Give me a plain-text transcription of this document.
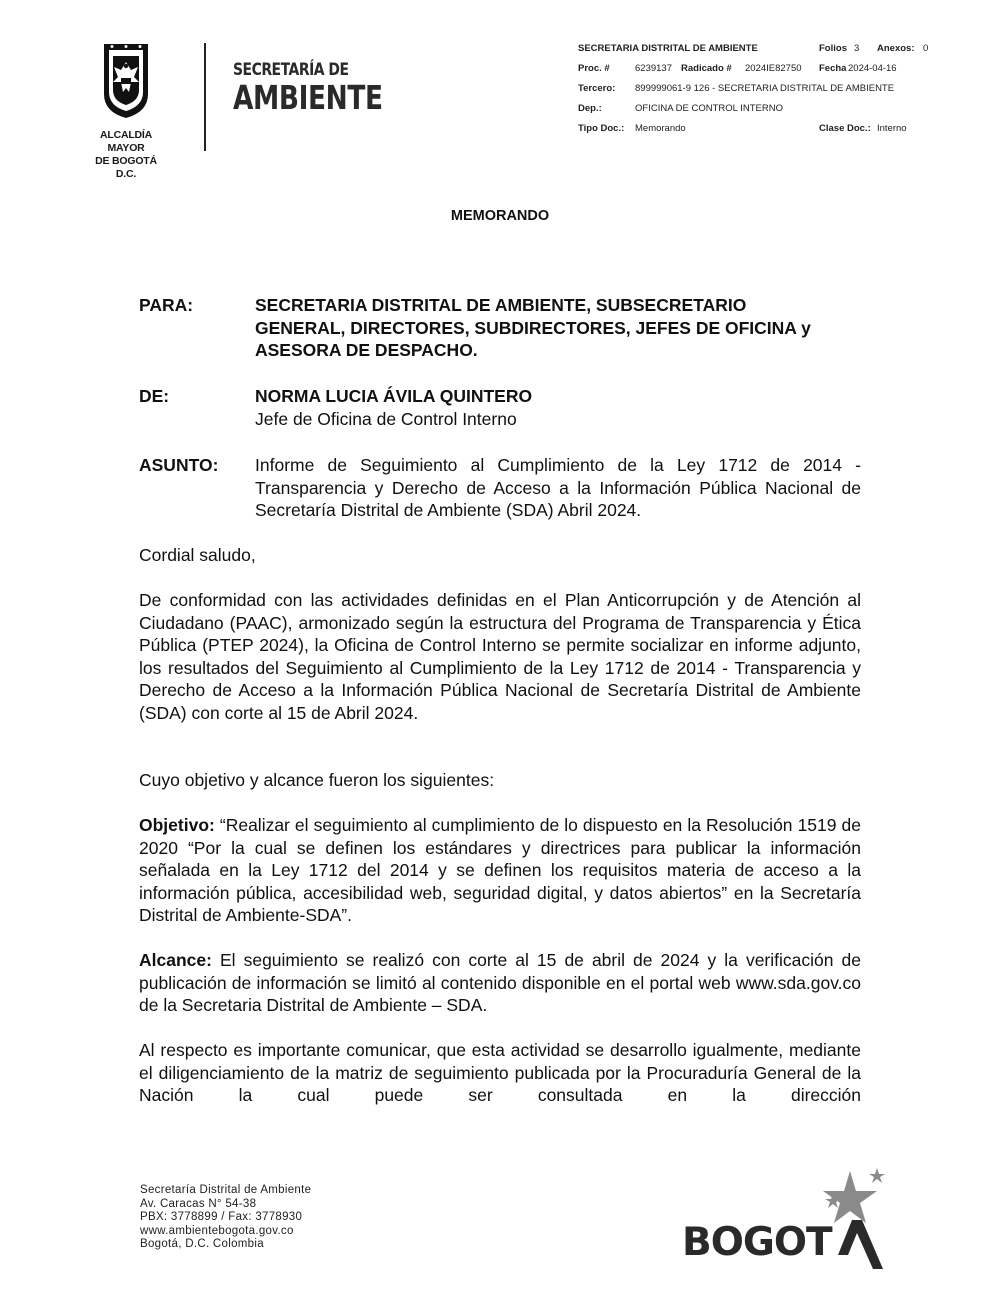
ALCALDÍA MAYOR
DE BOGOTÁ D.C.
SECRETARÍA DE
AMBIENTE
SECRETARIA DISTRITAL DE AMBIENTE	Folios 3 Anexos: 0
Proc. #	6239137 Radicado # 2024IE82750 Fecha 2024-04-16
Tercero: 899999061-9 126 - SECRETARIA DISTRITAL DE AMBIENTE
Dep.:	OFICINA DE CONTROL INTERNO
Tipo Doc.: Memorando	Clase Doc.: Interno
MEMORANDO
PARA:	SECRETARIA DISTRITAL DE AMBIENTE, SUBSECRETARIO GENERAL, DIRECTORES, SUBDIRECTORES, JEFES DE OFICINA y ASESORA DE DESPACHO.
DE:	NORMA LUCIA ÁVILA QUINTERO
Jefe de Oficina de Control Interno
ASUNTO: Informe de Seguimiento al Cumplimiento de la Ley 1712 de 2014 - Transparencia y Derecho de Acceso a la Información Pública Nacional de Secretaría Distrital de Ambiente (SDA) Abril 2024.
Cordial saludo,
De conformidad con las actividades definidas en el Plan Anticorrupción y de Atención al Ciudadano (PAAC), armonizado según la estructura del Programa de Transparencia y Ética Pública (PTEP 2024), la Oficina de Control Interno se permite socializar en informe adjunto, los resultados del Seguimiento al Cumplimiento de la Ley 1712 de 2014 - Transparencia y Derecho de Acceso a la Información Pública Nacional de Secretaría Distrital de Ambiente (SDA) con corte al 15 de Abril 2024.
Cuyo objetivo y alcance fueron los siguientes:
Objetivo: “Realizar el seguimiento al cumplimiento de lo dispuesto en la Resolución 1519 de 2020 “Por la cual se definen los estándares y directrices para publicar la información señalada en la Ley 1712 del 2014 y se definen los requisitos materia de acceso a la información pública, accesibilidad web, seguridad digital, y datos abiertos” en la Secretaría Distrital de Ambiente-SDA”.
Alcance: El seguimiento se realizó con corte al 15 de abril de 2024 y la verificación de publicación de información se limitó al contenido disponible en el portal web www.sda.gov.co de la Secretaria Distrital de Ambiente – SDA.
Al respecto es importante comunicar, que esta actividad se desarrollo igualmente, mediante el diligenciamiento de la matriz de seguimiento publicada por la Procuraduría General de la Nación la cual puede ser consultada en la dirección
Secretaría Distrital de Ambiente
Av. Caracas N° 54-38
PBX: 3778899 / Fax: 3778930
www.ambientebogota.gov.co
Bogotá, D.C. Colombia	BOGOT
